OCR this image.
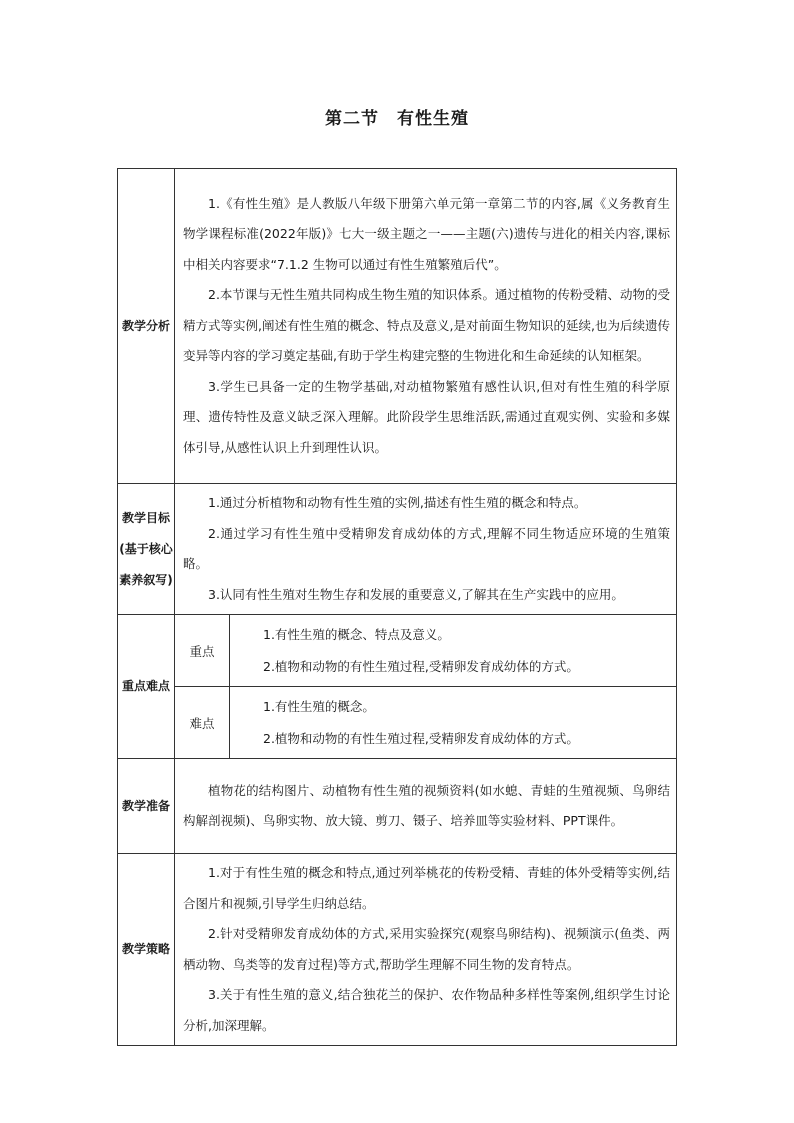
第二节 有性生殖
教学分析	1.《有性生殖》是人教版八年级下册第六单元第一章第二节的内容,属《义务教育生物学课程标准(2022年版)》七大一级主题之一——主题(六)遗传与进化的相关内容,课标中相关内容要求“7.1.2 生物可以通过有性生殖繁殖后代”。

2.本节课与无性生殖共同构成生物生殖的知识体系。通过植物的传粉受精、动物的受精方式等实例,阐述有性生殖的概念、特点及意义,是对前面生物知识的延续,也为后续遗传变异等内容的学习奠定基础,有助于学生构建完整的生物进化和生命延续的认知框架。

3.学生已具备一定的生物学基础,对动植物繁殖有感性认识,但对有性生殖的科学原理、遗传特性及意义缺乏深入理解。此阶段学生思维活跃,需通过直观实例、实验和多媒体引导,从感性认识上升到理性认识。	

教学目标(基于核心素养叙写)	1.通过分析植物和动物有性生殖的实例,描述有性生殖的概念和特点。

2.通过学习有性生殖中受精卵发育成幼体的方式,理解不同生物适应环境的生殖策略。

3.认同有性生殖对生物生存和发展的重要意义,了解其在生产实践中的应用。	

重点难点	重点	1.有性生殖的概念、特点及意义。

2.植物和动物的有性生殖过程,受精卵发育成幼体的方式。

	难点	1.有性生殖的概念。

2.植物和动物的有性生殖过程,受精卵发育成幼体的方式。

教学准备	植物花的结构图片、动植物有性生殖的视频资料(如水螅、青蛙的生殖视频、鸟卵结构解剖视频)、鸟卵实物、放大镜、剪刀、镊子、培养皿等实验材料、PPT课件。	

教学策略	1.对于有性生殖的概念和特点,通过列举桃花的传粉受精、青蛙的体外受精等实例,结合图片和视频,引导学生归纳总结。

2.针对受精卵发育成幼体的方式,采用实验探究(观察鸟卵结构)、视频演示(鱼类、两栖动物、鸟类等的发育过程)等方式,帮助学生理解不同生物的发育特点。

3.关于有性生殖的意义,结合独花兰的保护、农作物品种多样性等案例,组织学生讨论分析,加深理解。	
